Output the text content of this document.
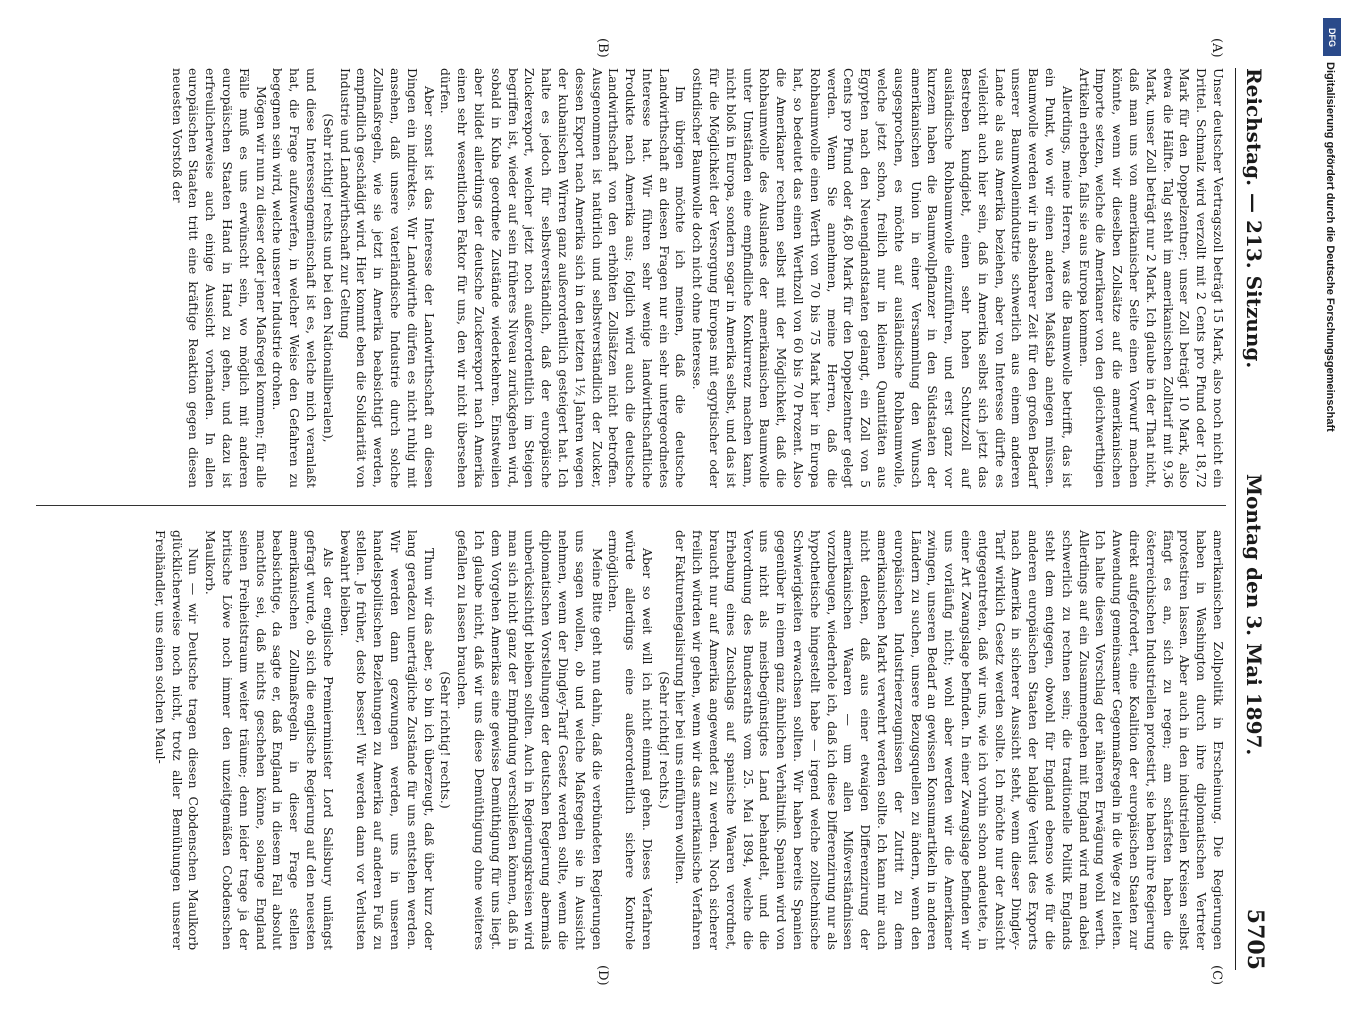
Reichstag. — 213. Sitzung.
Montag den 3. Mai 1897.
5705
(A)
(B)
(C)
(D)

Unser deutscher Vertragszoll beträgt 15 Mark, also noch nicht ein Drittel. Schmalz wird verzollt mit 2 Cents pro Pfund oder 18,72 Mark für den Doppelzentner; unser Zoll beträgt 10 Mark, also etwa die Hälfte. Talg steht im amerikanischen Zolltarif mit 9,36 Mark, unser Zoll beträgt nur 2 Mark. Ich glaube in der That nicht, daß man uns von amerikanischer Seite einen Vorwurf machen könnte, wenn wir dieselben Zollsätze auf die amerikanischen Importe setzen, welche die Amerikaner von den gleichwerthigen Artikeln erheben, falls sie aus Europa kommen.

Allerdings, meine Herren, was die Baumwolle betrifft, das ist ein Punkt, wo wir einen anderen Maßstab anlegen müssen. Baumwolle werden wir in absehbarer Zeit für den großen Bedarf unserer Baumwollenindustrie schwerlich aus einem anderen Lande als aus Amerika beziehen, aber von Interesse dürfte es vielleicht auch hier sein, daß in Amerika selbst sich jetzt das Bestreben kundgiebt, einen sehr hohen Schutzzoll auf ausländische Rohbaumwolle einzuführen, und erst ganz vor kurzem haben die Baumwollpflanzer in den Südstaaten der amerikanischen Union in einer Versammlung den Wunsch ausgesprochen, es möchte auf ausländische Rohbaumwolle, welche jetzt schon, freilich nur in kleinen Quantitäten aus Egypten nach den Neuenglandstaaten gelangt, ein Zoll von 5 Cents pro Pfund oder 46,80 Mark für den Doppelzentner gelegt werden. Wenn Sie annehmen, meine Herren, daß die Rohbaumwolle einen Werth von 70 bis 75 Mark hier in Europa hat, so bedeutet das einen Werthzoll von 60 bis 70 Prozent. Also die Amerikaner rechnen selbst mit der Möglichkeit, daß die Rohbaumwolle des Auslandes der amerikanischen Baumwolle unter Umständen eine empfindliche Konkurrenz machen kann, nicht bloß in Europa, sondern sogar in Amerika selbst, und das ist für die Möglichkeit der Versorgung Europas mit egyptischer oder ostindischer Baumwolle doch nicht ohne Interesse.

Im übrigen möchte ich meinen, daß die deutsche Landwirthschaft an diesen Fragen nur ein sehr untergeordnetes Interesse hat. Wir führen sehr wenige landwirthschaftliche Produkte nach Amerika aus; folglich wird auch die deutsche Landwirthschaft von den erhöhten Zollsätzen nicht betroffen. Ausgenommen ist natürlich und selbstverständlich der Zucker, dessen Export nach Amerika sich in den letzten 1½ Jahren wegen der kubanischen Wirren ganz außerordentlich gesteigert hat. Ich halte es jedoch für selbstverständlich, daß der europäische Zuckerexport, welcher jetzt noch außerordentlich im Steigen begriffen ist, wieder auf sein früheres Niveau zurückgehen wird, sobald in Kuba geordnete Zustände wiederkehren. Einstweilen aber bildet allerdings der deutsche Zuckerexport nach Amerika einen sehr wesentlichen Faktor für uns, den wir nicht übersehen dürfen.

Aber sonst ist das Interesse der Landwirthschaft an diesen Dingen ein indirektes. Wir Landwirthe dürfen es nicht ruhig mit ansehen, daß unsere vaterländische Industrie durch solche Zollmaßregeln, wie sie jetzt in Amerika beabsichtigt werden, empfindlich geschädigt wird. Hier kommt eben die Solidarität von Industrie und Landwirthschaft zur Geltung

(Sehr richtig! rechts und bei den Nationalliberalen),

und diese Interessengemeinschaft ist es, welche mich veranlaßt hat, die Frage aufzuwerfen, in welcher Weise den Gefahren zu begegnen sein wird, welche unserer Industrie drohen.

Mögen wir nun zu dieser oder jener Maßregel kommen; für alle Fälle muß es uns erwünscht sein, wo möglich mit anderen europäischen Staaten Hand in Hand zu gehen, und dazu ist erfreulicherweise auch einige Aussicht vorhanden. In allen europäischen Staaten tritt eine kräftige Reaktion gegen diesen neuesten Vorstoß der

amerikanischen Zollpolitik in Erscheinung. Die Regierungen haben in Washington durch ihre diplomatischen Vertreter protestiren lassen. Aber auch in den industriellen Kreisen selbst fängt es an, sich zu regen; am schärfsten haben die österreichischen Industriellen protestirt, sie haben ihre Regierung direkt aufgefordert, eine Koalition der europäischen Staaten zur Anwendung gemeinsamer Gegenmaßregeln in die Wege zu leiten. Ich halte diesen Vorschlag der näheren Erwägung wohl werth. Allerdings auf ein Zusammengehen mit England wird man dabei schwerlich zu rechnen sein; die traditionelle Politik Englands steht dem entgegen, obwohl für England ebenso wie für die anderen europäischen Staaten der baldige Verlust des Exports nach Amerika in sicherer Aussicht steht, wenn dieser Dingley-Tarif wirklich Gesetz werden sollte. Ich möchte nur der Ansicht entgegentreten, daß wir uns, wie ich vorhin schon andeutete, in einer Art Zwangslage befinden. In einer Zwangslage befinden wir uns vorläufig nicht; wohl aber werden wir die Amerikaner zwingen, unseren Bedarf an gewissen Konsumartikeln in anderen Ländern zu suchen, unsere Bezugsquellen zu ändern, wenn den europäischen Industrieerzeugnissen der Zutritt zu dem amerikanischen Markt verwehrt werden sollte. Ich kann mir auch nicht denken, daß aus einer etwaigen Differenzirung der amerikanischen Waaren — um allen Mißverständnissen vorzubeugen, wiederhole ich, daß ich diese Differenzirung nur als hypothetische hingestellt habe — irgend welche zolltechnische Schwierigkeiten erwachsen sollten. Wir haben bereits Spanien gegenüber in einem ganz ähnlichen Verhältniß. Spanien wird von uns nicht als meistbegünstigtes Land behandelt, und die Verordnung des Bundesraths vom 25. Mai 1894, welche die Erhebung eines Zuschlags auf spanische Waaren verordnet, braucht nur auf Amerika angewendet zu werden. Noch sicherer freilich würden wir gehen, wenn wir das amerikanische Verfahren der Fakturenlegalisirung hier bei uns einführen wollten.

(Sehr richtig! rechts.)

Aber so weit will ich nicht einmal gehen. Dieses Verfahren würde allerdings eine außerordentlich sichere Kontrole ermöglichen.

Meine Bitte geht nun dahin, daß die verbündeten Regierungen uns sagen wollen, ob und welche Maßregeln sie in Aussicht nehmen, wenn der Dingley-Tarif Gesetz werden sollte, wenn die diplomatischen Vorstellungen der deutschen Regierung abermals unberücksichtigt bleiben sollten. Auch in Regierungskreisen wird man sich nicht ganz der Empfindung verschließen können, daß in dem Vorgehen Amerikas eine gewisse Demüthigung für uns liegt. Ich glaube nicht, daß wir uns diese Demüthigung ohne weiteres gefallen zu lassen brauchen.

(Sehr richtig! rechts.)

Thun wir das aber, so bin ich überzeugt, daß über kurz oder lang geradezu unerträgliche Zustände für uns entstehen werden. Wir werden dann gezwungen werden, uns in unseren handelspolitischen Beziehungen zu Amerika auf anderen Fuß zu stellen. Je früher, desto besser! Wir werden dann vor Verlusten bewahrt bleiben.

Als der englische Premierminister Lord Salisbury unlängst gefragt wurde, ob sich die englische Regierung auf den neuesten amerikanischen Zollmaßregeln in dieser Frage stellen beabsichtige, da sagte er, daß England in diesem Fall absolut machtlos sei, daß nichts geschehen könne, solange England seinen Freiheitstraum weiter träume; denn leider trage ja der britische Löwe noch immer den unzeitgemäßen Cobdenschen Maulkorb.

Nun — wir Deutsche tragen diesen Cobdenschen Maulkorb glücklicherweise noch nicht, trotz aller Bemühungen unserer Freihändler, uns einen solchen Maul-

DFG
Digitalisierung gefördert durch die Deutsche Forschungsgemeinschaft
